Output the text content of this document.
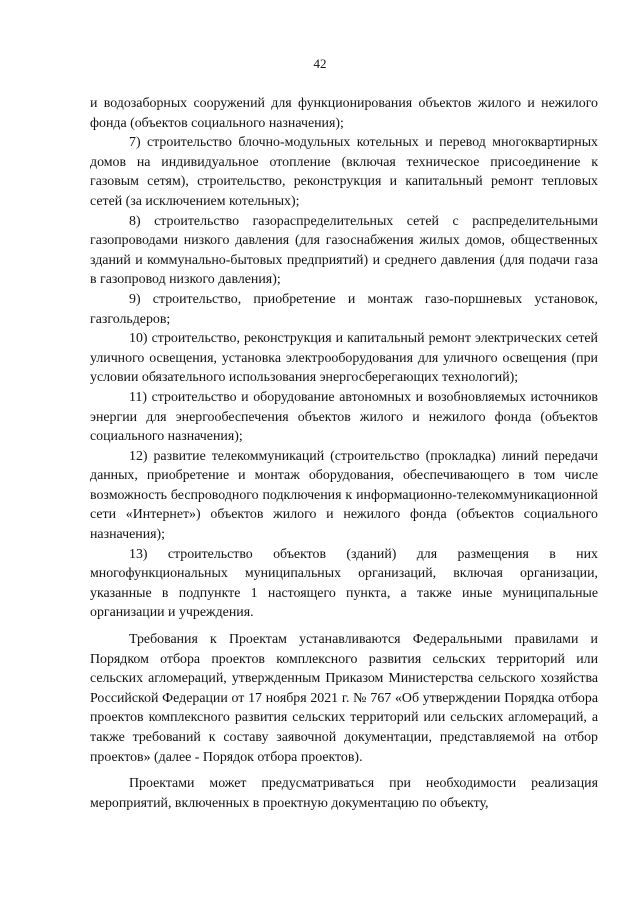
42

и водозаборных сооружений для функционирования объектов жилого и нежилого фонда (объектов социального назначения);

7) строительство блочно-модульных котельных и перевод многоквартирных домов на индивидуальное отопление (включая техническое присоединение к газовым сетям), строительство, реконструкция и капитальный ремонт тепловых сетей (за исключением котельных);

8) строительство газораспределительных сетей с распределительными газопроводами низкого давления (для газоснабжения жилых домов, общественных зданий и коммунально-бытовых предприятий) и среднего давления (для подачи газа в газопровод низкого давления);

9) строительство, приобретение и монтаж газо-поршневых установок, газгольдеров;

10) строительство, реконструкция и капитальный ремонт электрических сетей уличного освещения, установка электрооборудования для уличного освещения (при условии обязательного использования энергосберегающих технологий);

11) строительство и оборудование автономных и возобновляемых источников энергии для энергообеспечения объектов жилого и нежилого фонда (объектов социального назначения);

12) развитие телекоммуникаций (строительство (прокладка) линий передачи данных, приобретение и монтаж оборудования, обеспечивающего в том числе возможность беспроводного подключения к информационно-телекоммуникационной сети «Интернет») объектов жилого и нежилого фонда (объектов социального назначения);

13) строительство объектов (зданий) для размещения в них многофункциональных муниципальных организаций, включая организации, указанные в подпункте 1 настоящего пункта, а также иные муниципальные организации и учреждения.

Требования к Проектам устанавливаются Федеральными правилами и Порядком отбора проектов комплексного развития сельских территорий или сельских агломераций, утвержденным Приказом Министерства сельского хозяйства Российской Федерации от 17 ноября 2021 г. № 767 «Об утверждении Порядка отбора проектов комплексного развития сельских территорий или сельских агломераций, а также требований к составу заявочной документации, представляемой на отбор проектов» (далее - Порядок отбора проектов).

Проектами может предусматриваться при необходимости реализация мероприятий, включенных в проектную документацию по объекту,
